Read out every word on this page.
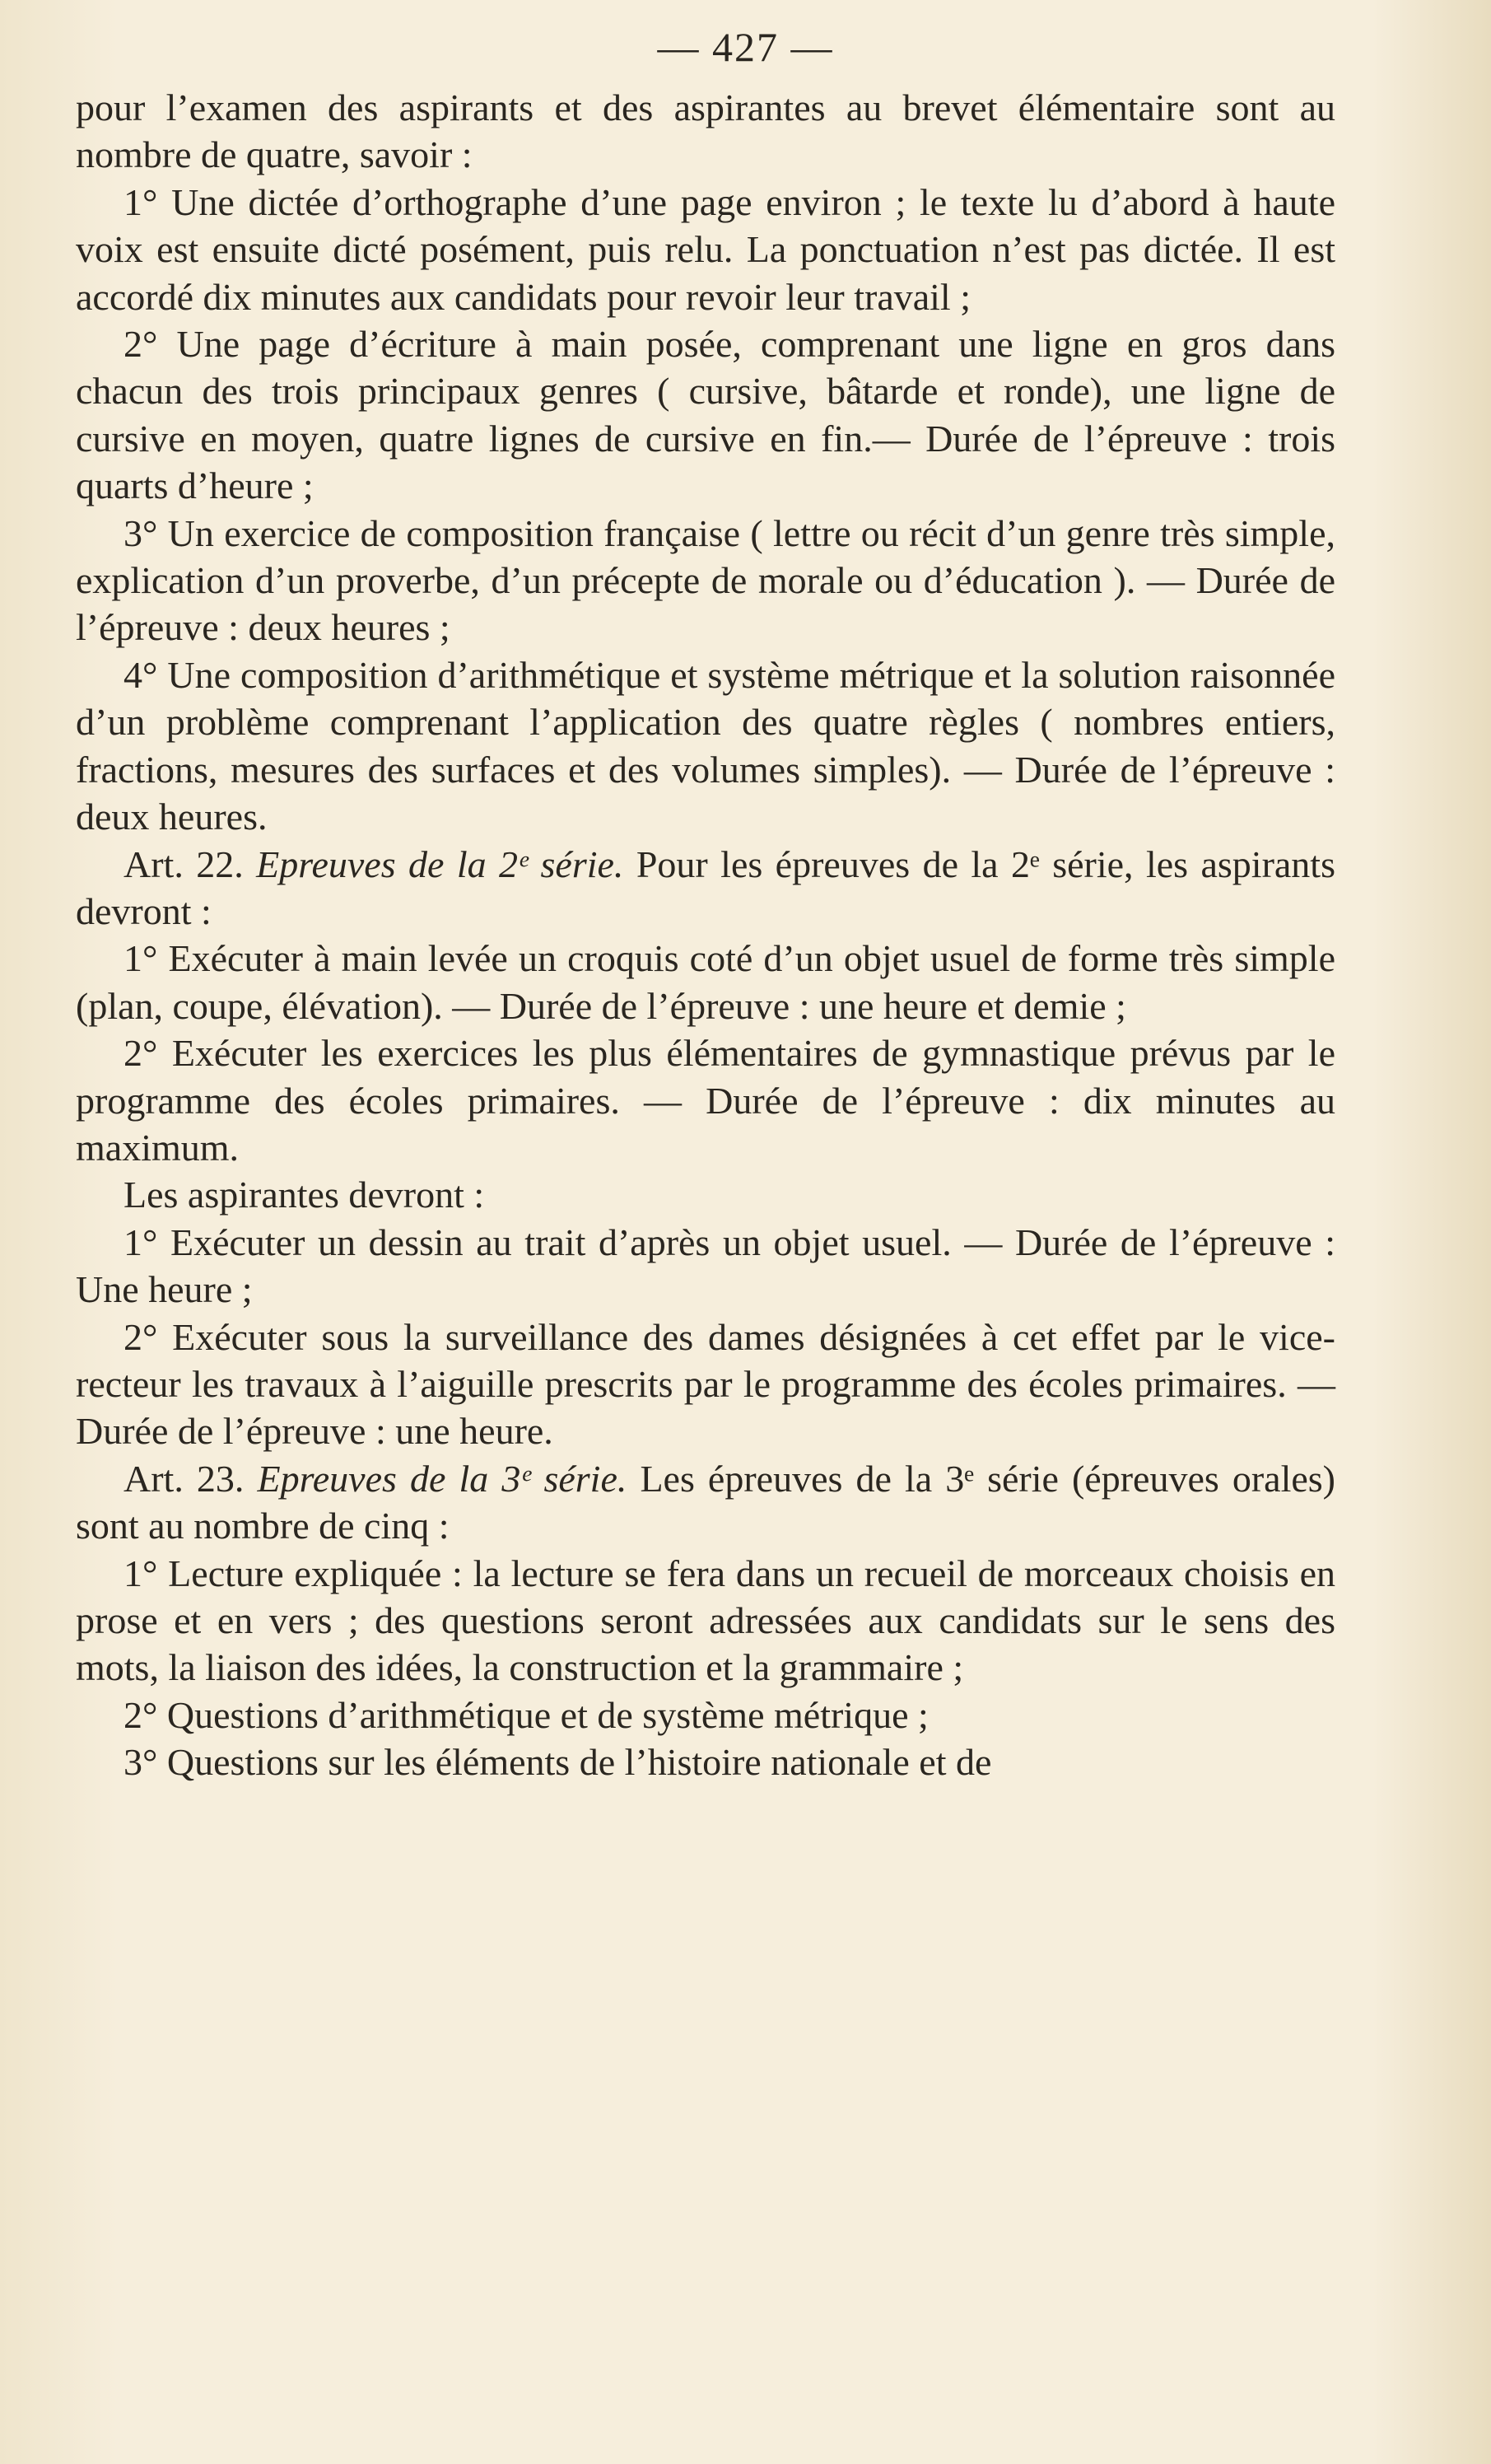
— 427 —

pour l’examen des aspirants et des aspirantes au brevet élémentaire sont au nombre de quatre, savoir :

1° Une dictée d’orthographe d’une page environ ; le texte lu d’abord à haute voix est ensuite dicté posément, puis relu. La ponctuation n’est pas dictée. Il est accordé dix minutes aux candidats pour revoir leur travail ;

2° Une page d’écriture à main posée, comprenant une ligne en gros dans chacun des trois principaux genres ( cursive, bâtarde et ronde), une ligne de cursive en moyen, quatre lignes de cursive en fin.— Durée de l’épreuve : trois quarts d’heure ;

3° Un exercice de composition française ( lettre ou récit d’un genre très simple, explication d’un proverbe, d’un précepte de morale ou d’éducation ). — Durée de l’épreuve : deux heures ;

4° Une composition d’arithmétique et système métrique et la solution raisonnée d’un problème comprenant l’application des quatre règles ( nombres entiers, fractions, mesures des surfaces et des volumes simples). — Durée de l’épreuve : deux heures.

Art. 22. Epreuves de la 2ᵉ série. Pour les épreuves de la 2ᵉ série, les aspirants devront :

1° Exécuter à main levée un croquis coté d’un objet usuel de forme très simple (plan, coupe, élévation). — Durée de l’épreuve : une heure et demie ;

2° Exécuter les exercices les plus élémentaires de gymnastique prévus par le programme des écoles primaires. — Durée de l’épreuve : dix minutes au maximum.

Les aspirantes devront :

1° Exécuter un dessin au trait d’après un objet usuel. — Durée de l’épreuve : Une heure ;

2° Exécuter sous la surveillance des dames désignées à cet effet par le vice-recteur les travaux à l’aiguille prescrits par le programme des écoles primaires. — Durée de l’épreuve : une heure.

Art. 23. Epreuves de la 3ᵉ série. Les épreuves de la 3ᵉ série (épreuves orales) sont au nombre de cinq :

1° Lecture expliquée : la lecture se fera dans un recueil de morceaux choisis en prose et en vers ; des questions seront adressées aux candidats sur le sens des mots, la liaison des idées, la construction et la grammaire ;

2° Questions d’arithmétique et de système métrique ;

3° Questions sur les éléments de l’histoire nationale et de
